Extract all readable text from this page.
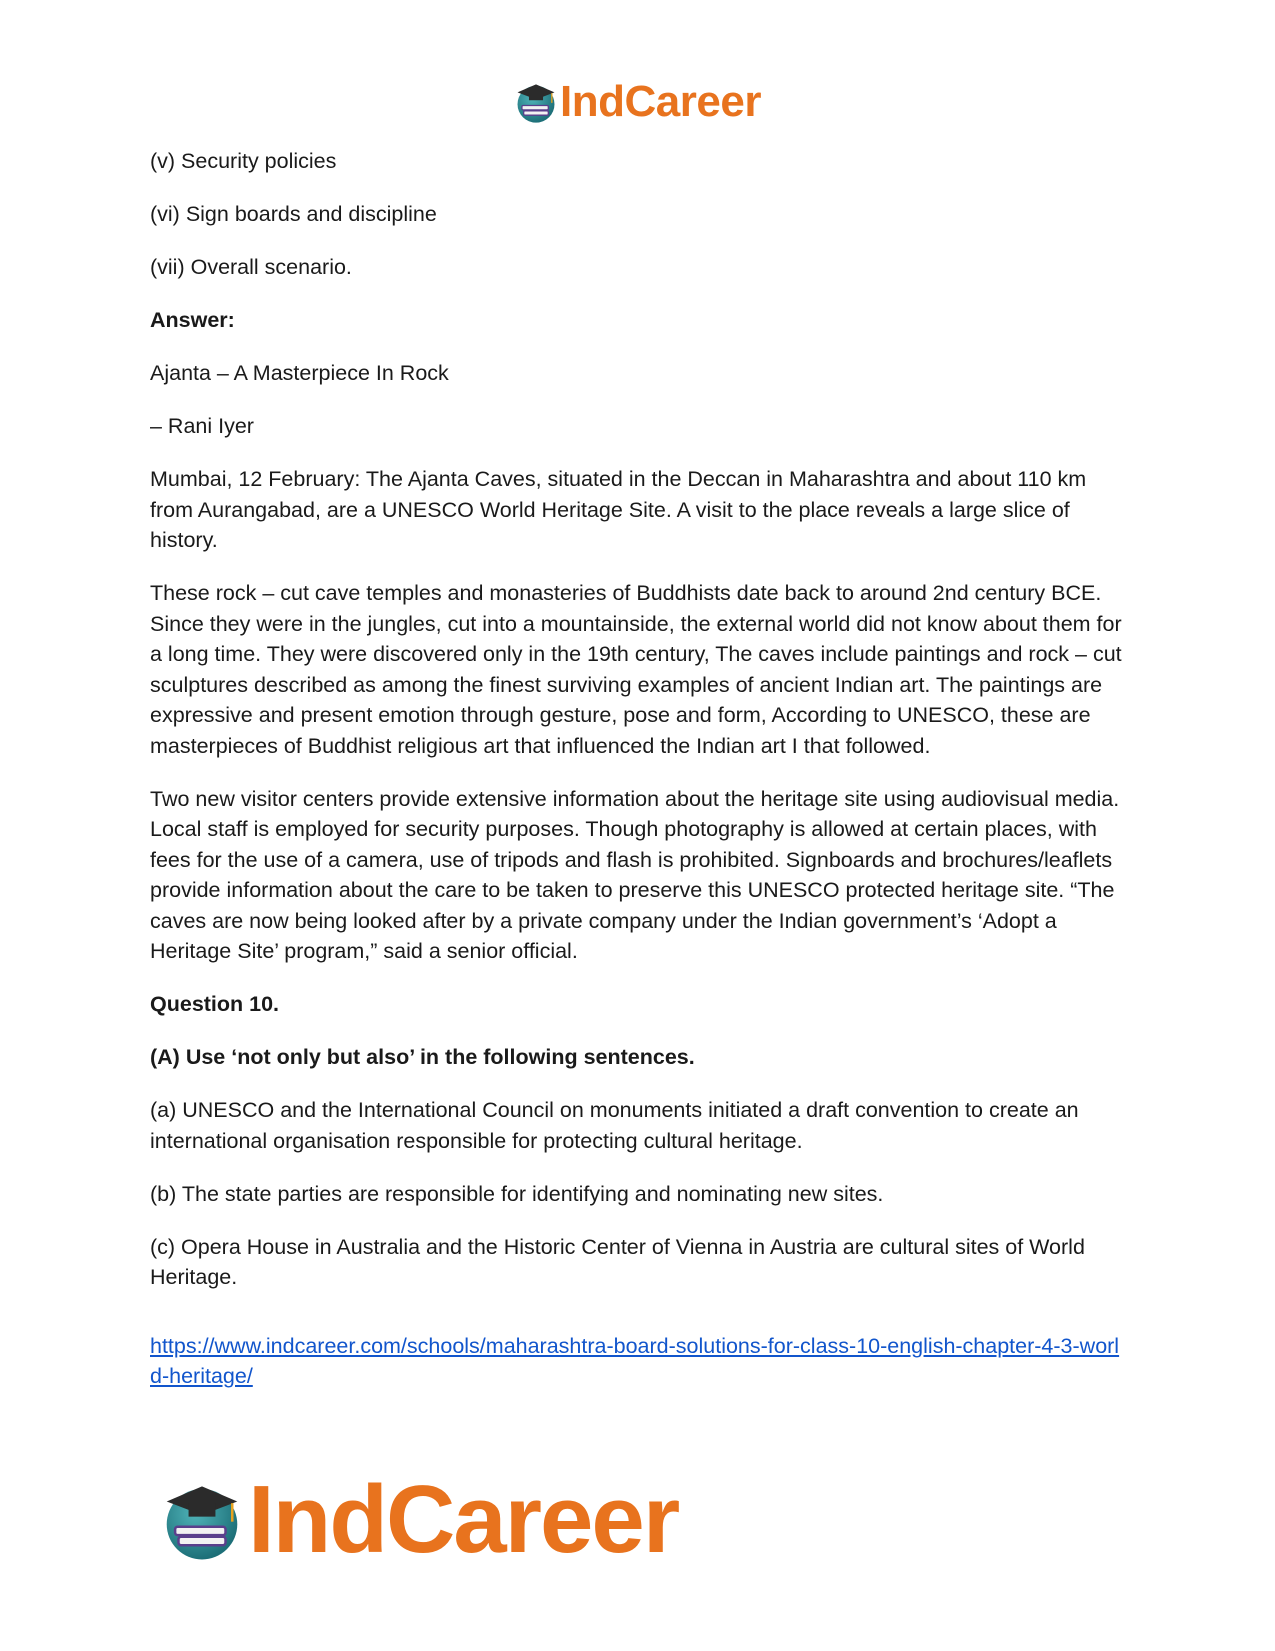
IndCareer

(v) Security policies

(vi) Sign boards and discipline

(vii) Overall scenario.

Answer:

Ajanta – A Masterpiece In Rock

– Rani Iyer

Mumbai, 12 February: The Ajanta Caves, situated in the Deccan in Maharashtra and about 110 km from Aurangabad, are a UNESCO World Heritage Site. A visit to the place reveals a large slice of history.

These rock – cut cave temples and monasteries of Buddhists date back to around 2nd century BCE. Since they were in the jungles, cut into a mountainside, the external world did not know about them for a long time. They were discovered only in the 19th century, The caves include paintings and rock – cut sculptures described as among the finest surviving examples of ancient Indian art. The paintings are expressive and present emotion through gesture, pose and form, According to UNESCO, these are masterpieces of Buddhist religious art that influenced the Indian art I that followed.

Two new visitor centers provide extensive information about the heritage site using audiovisual media. Local staff is employed for security purposes. Though photography is allowed at certain places, with fees for the use of a camera, use of tripods and flash is prohibited. Signboards and brochures/leaflets provide information about the care to be taken to preserve this UNESCO protected heritage site. “The caves are now being looked after by a private company under the Indian government’s ‘Adopt a Heritage Site’ program,” said a senior official.

Question 10.

(A) Use ‘not only but also’ in the following sentences.

(a) UNESCO and the International Council on monuments initiated a draft convention to create an international organisation responsible for protecting cultural heritage.

(b) The state parties are responsible for identifying and nominating new sites.

(c) Opera House in Australia and the Historic Center of Vienna in Austria are cultural sites of World Heritage.

https://www.indcareer.com/schools/maharashtra-board-solutions-for-class-10-english-chapter-4-3-world-heritage/

IndCareer
